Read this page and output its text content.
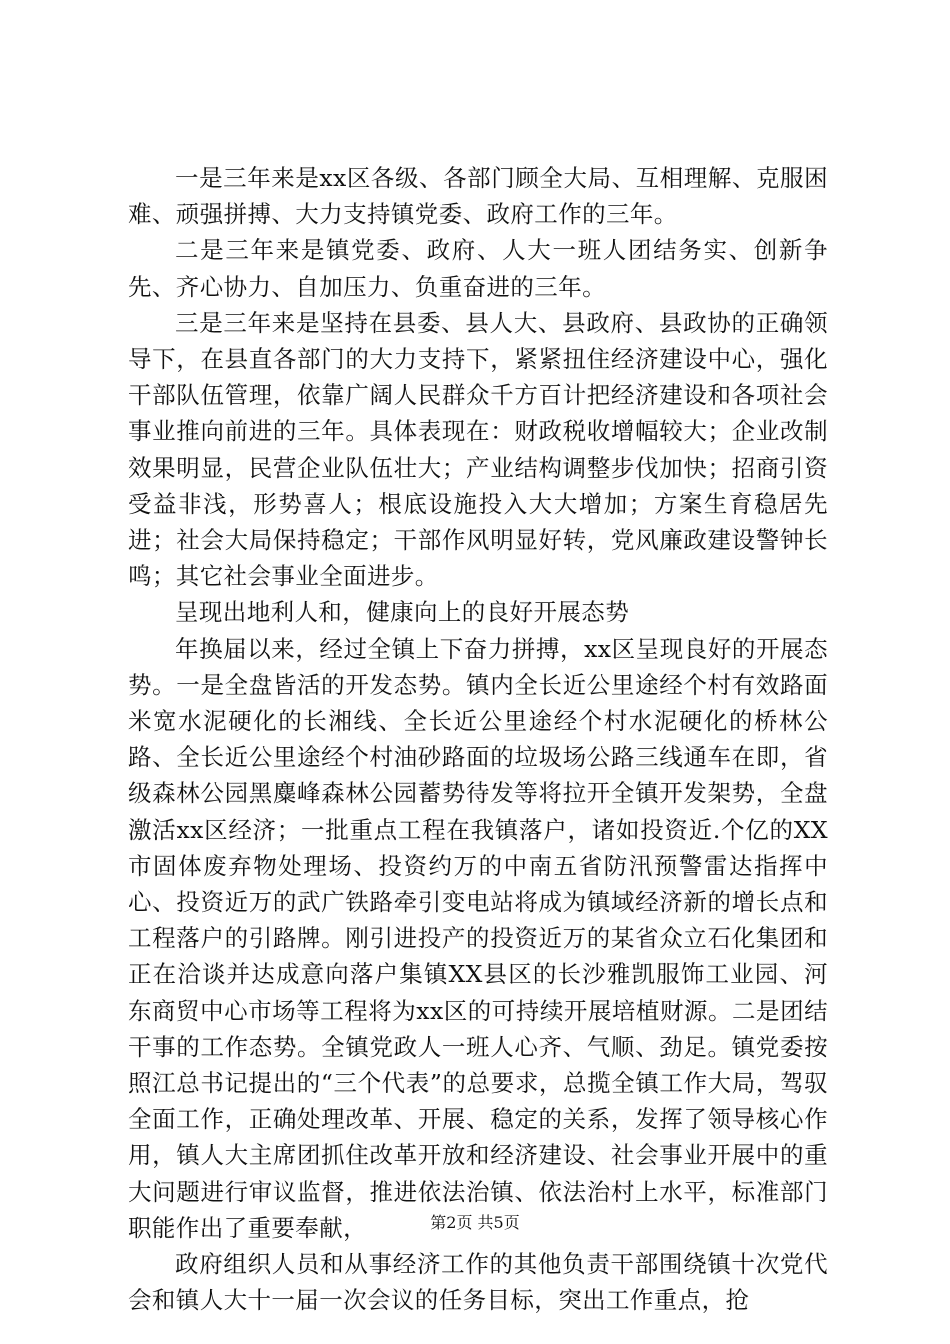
一是三年来是xx区各级、各部门顾全大局、互相理解、克服困难、顽强拼搏、大力支持镇党委、政府工作的三年。

二是三年来是镇党委、政府、人大一班人团结务实、创新争先、齐心协力、自加压力、负重奋进的三年。

三是三年来是坚持在县委、县人大、县政府、县政协的正确领导下，在县直各部门的大力支持下，紧紧扭住经济建设中心，强化干部队伍管理，依靠广阔人民群众千方百计把经济建设和各项社会事业推向前进的三年。具体表现在：财政税收增幅较大；企业改制效果明显，民营企业队伍壮大；产业结构调整步伐加快；招商引资受益非浅，形势喜人；根底设施投入大大增加；方案生育稳居先进；社会大局保持稳定；干部作风明显好转，党风廉政建设警钟长鸣；其它社会事业全面进步。

呈现出地利人和，健康向上的良好开展态势

年换届以来，经过全镇上下奋力拼搏，xx区呈现良好的开展态势。一是全盘皆活的开发态势。镇内全长近公里途经个村有效路面米宽水泥硬化的长湘线、全长近公里途经个村水泥硬化的桥林公路、全长近公里途经个村油砂路面的垃圾场公路三线通车在即，省级森林公园黑麋峰森林公园蓄势待发等将拉开全镇开发架势，全盘激活xx区经济；一批重点工程在我镇落户，诸如投资近.个亿的XX市固体废弃物处理场、投资约万的中南五省防汛预警雷达指挥中心、投资近万的武广铁路牵引变电站将成为镇域经济新的增长点和工程落户的引路牌。刚引进投产的投资近万的某省众立石化集团和正在洽谈并达成意向落户集镇XX县区的长沙雅凯服饰工业园、河东商贸中心市场等工程将为xx区的可持续开展培植财源。二是团结干事的工作态势。全镇党政人一班人心齐、气顺、劲足。镇党委按照江总书记提出的“三个代表”的总要求，总揽全镇工作大局，驾驭全面工作，正确处理改革、开展、稳定的关系，发挥了领导核心作用，镇人大主席团抓住改革开放和经济建设、社会事业开展中的重大问题进行审议监督，推进依法治镇、依法治村上水平，标准部门职能作出了重要奉献，

政府组织人员和从事经济工作的其他负责干部围绕镇十次党代会和镇人大十一届一次会议的任务目标，突出工作重点，抢

第2页 共5页
